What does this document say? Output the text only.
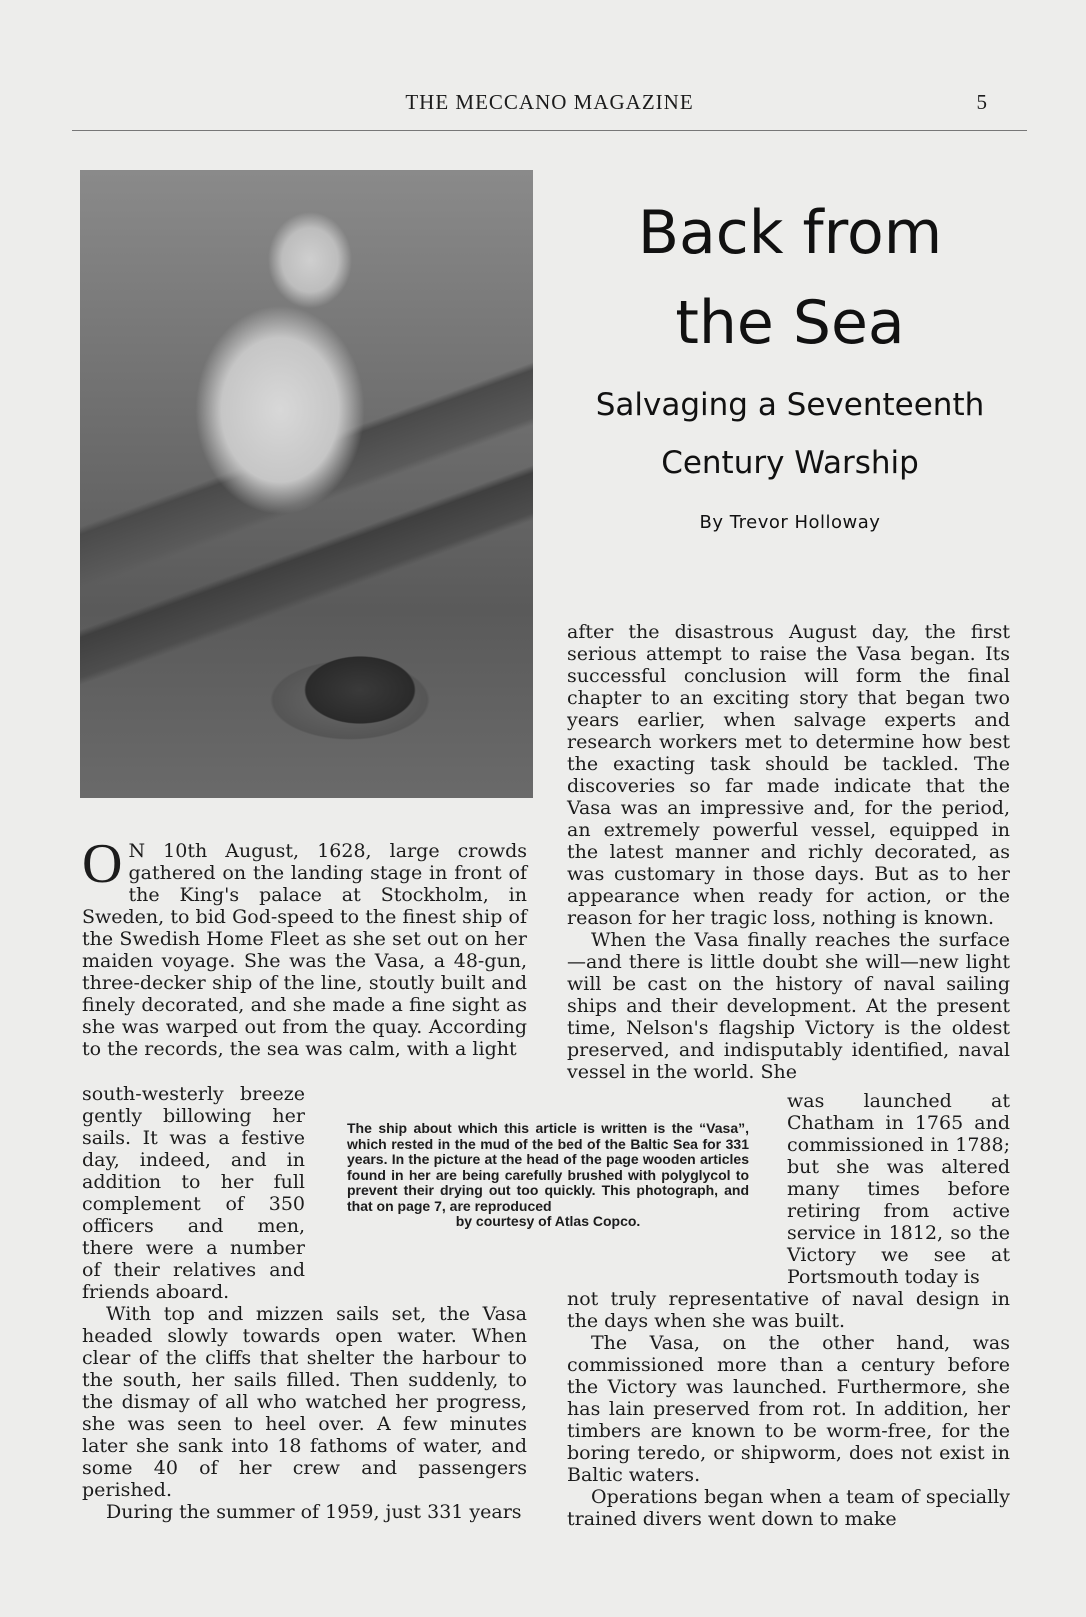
THE MECCANO MAGAZINE	5
Back from
the Sea
Salvaging a Seventeenth
Century Warship
By Trevor Holloway
O N 10th August, 1628, large crowds gathered on the landing stage in front of the King's palace at Stockholm, in Sweden, to bid God-speed to the finest ship of the Swedish Home Fleet as she set out on her maiden voyage. She was the Vasa, a 48-gun, three-decker ship of the line, stoutly built and finely decorated, and she made a fine sight as she was warped out from the quay. According to the records, the sea was calm, with a light

south-westerly breeze gently billowing her sails. It was a festive day, indeed, and in addition to her full complement of 350 officers and men, there were a number of their relatives and friends aboard.

With top and mizzen sails set, the Vasa headed slowly towards open water. When clear of the cliffs that shelter the harbour to the south, her sails filled. Then suddenly, to the dismay of all who watched her progress, she was seen to heel over. A few minutes later she sank into 18 fathoms of water, and some 40 of her crew and passengers perished.

During the summer of 1959, just 331 years

The ship about which this article is written is the “Vasa”, which rested in the mud of the bed of the Baltic Sea for 331 years. In the picture at the head of the page wooden articles found in her are being carefully brushed with polyglycol to prevent their drying out too quickly. This photograph, and that on page 7, are reproduced
by courtesy of Atlas Copco.

after the disastrous August day, the first serious attempt to raise the Vasa began. Its successful conclusion will form the final chapter to an exciting story that began two years earlier, when salvage experts and research workers met to determine how best the exacting task should be tackled. The discoveries so far made indicate that the Vasa was an impressive and, for the period, an extremely powerful vessel, equipped in the latest manner and richly decorated, as was customary in those days. But as to her appearance when ready for action, or the reason for her tragic loss, nothing is known.

When the Vasa finally reaches the surface —and there is little doubt she will—new light will be cast on the history of naval sailing ships and their development. At the present time, Nelson's flagship Victory is the oldest preserved, and indisputably identified, naval vessel in the world. She

was launched at Chatham in 1765 and commissioned in 1788; but she was altered many times before retiring from active service in 1812, so the Victory we see at Portsmouth today is

not truly representative of naval design in the days when she was built.

The Vasa, on the other hand, was commissioned more than a century before the Victory was launched. Furthermore, she has lain preserved from rot. In addition, her timbers are known to be worm-free, for the boring teredo, or shipworm, does not exist in Baltic waters.

Operations began when a team of specially trained divers went down to make
